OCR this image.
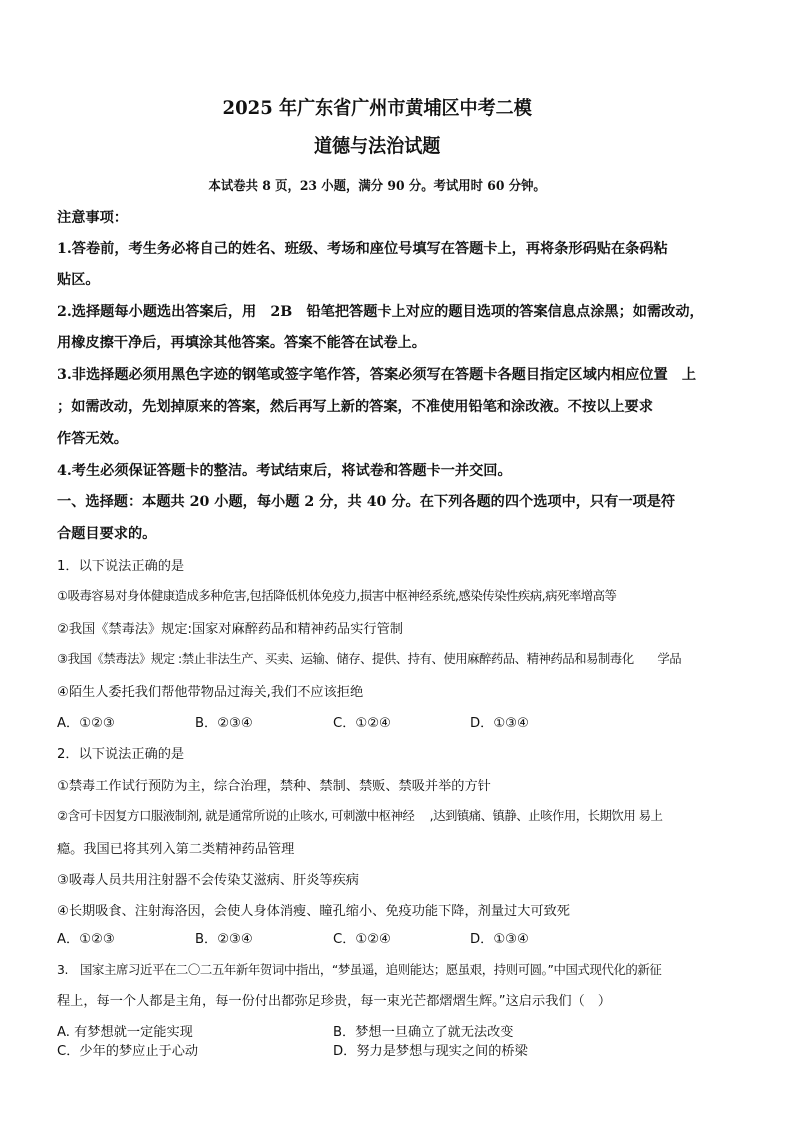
2025 年广东省广州市黄埔区中考二模
道德与法治试题
本试卷共 8 页，23 小题，满分 90 分。考试用时 60 分钟。
注意事项：
1.答卷前，考生务必将自己的姓名、班级、考场和座位号填写在答题卡上，再将条形码贴在条码粘
贴区。
2.选择题每小题选出答案后，用　2B　铅笔把答题卡上对应的题目选项的答案信息点涂黑；如需改动，
用橡皮擦干净后，再填涂其他答案。答案不能答在试卷上。
3.非选择题必须用黑色字迹的钢笔或签字笔作答，答案必须写在答题卡各题目指定区域内相应位置　上
；如需改动，先划掉原来的答案，然后再写上新的答案，不准使用铅笔和涂改液。不按以上要求
作答无效。
4.考生必须保证答题卡的整洁。考试结束后，将试卷和答题卡一并交回。
一、选择题：本题共 20 小题，每小题 2 分，共 40 分。在下列各题的四个选项中，只有一项是符
合题目要求的。
1．以下说法正确的是
①吸毒容易对身体健康造成多种危害,包括降低机体免疫力,损害中枢神经系统,感染传染性疾病,病死率增高等
②我国《禁毒法》规定:国家对麻醉药品和精神药品实行管制
③我国《禁毒法》规定 :禁止非法生产、买卖、运输、储存、提供、持有、使用麻醉药品、精神药品和易制毒化　　学品
④陌生人委托我们帮他带物品过海关,我们不应该拒绝
A．①②③	B．②③④	C．①②④	D．①③④
2．以下说法正确的是
①禁毒工作试行预防为主，综合治理，禁种、禁制、禁贩、禁吸并举的方针
②含可卡因复方口服液制剂, 就是通常所说的止咳水, 可刺激中枢神经　 ,达到镇痛、镇静、止咳作用，长期饮用 易上
瘾。我国已将其列入第二类精神药品管理
③吸毒人员共用注射器不会传染艾滋病、肝炎等疾病
④长期吸食、注射海洛因，会使人身体消瘦、瞳孔缩小、免疫功能下降，剂量过大可致死
A．①②③	B．②③④	C．①②④	D．①③④
3.　国家主席习近平在二〇二五年新年贺词中指出，“梦虽遥，追则能达；愿虽艰，持则可圆。”中国式现代化的新征
程上，每一个人都是主角，每一份付出都弥足珍贵，每一束光芒都熠熠生辉。”这启示我们（　）
A. 有梦想就一定能实现	B．梦想一旦确立了就无法改变
C．少年的梦应止于心动	D．努力是梦想与现实之间的桥梁
